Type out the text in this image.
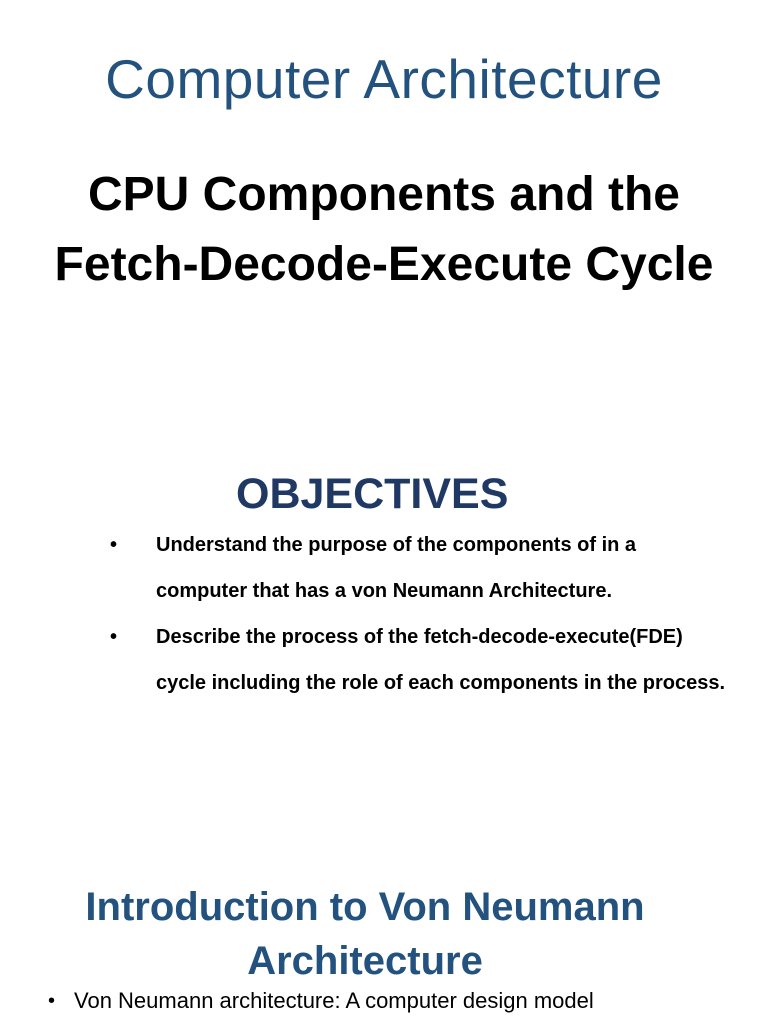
Computer Architecture
CPU Components and the Fetch-Decode-Execute Cycle
OBJECTIVES
• Understand the purpose of the components of in a computer that has a von Neumann Architecture.
• Describe the process of the fetch-decode-execute(FDE) cycle including the role of each components in the process.
Introduction to Von Neumann Architecture
• Von Neumann architecture: A computer design model
